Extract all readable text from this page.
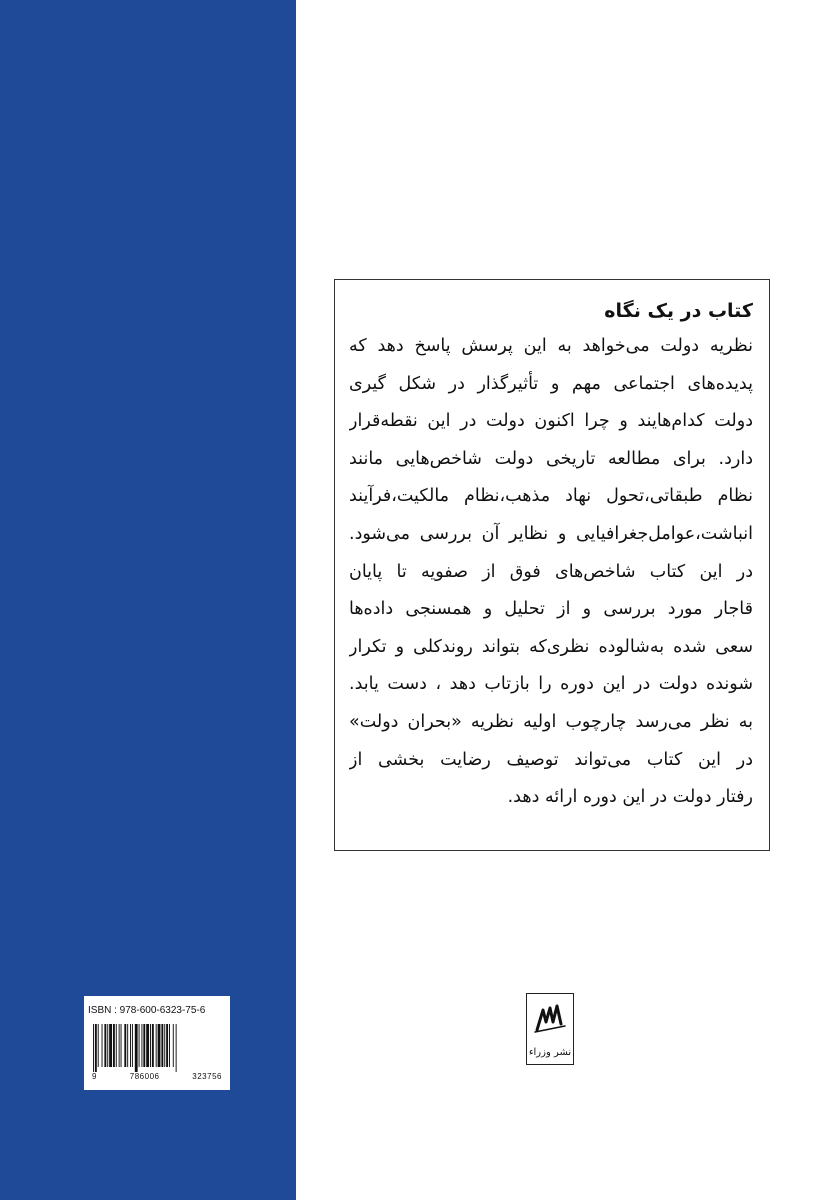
کتاب در یک نگاه
نظریه دولت می‌خواهد به این پرسش پاسخ دهد که
پدیده‌های اجتماعی مهم و تأثیرگذار در شکل گیری
دولت کدام‌هایند و چرا اکنون دولت در این نقطه‌قرار
دارد. برای مطالعه تاریخی دولت شاخص‌هایی مانند
نظام طبقاتی،تحول نهاد مذهب،نظام مالکیت،فرآیند
انباشت،عوامل‌جغرافیایی و نظایر آن بررسی می‌شود.
در این کتاب شاخص‌های فوق از صفویه تا پایان
قاجار مورد بررسی و از تحلیل و همسنجی داده‌ها
سعی شده به‌شالوده نظری‌که بتواند روندکلی و تکرار
شونده دولت در این دوره را بازتاب دهد ، دست یابد.
به نظر می‌رسد چارچوب اولیه نظریه «بحران دولت»
در این کتاب می‌تواند توصیف رضایت بخشی از
رفتار دولت در این دوره ارائه دهد.
ISBN : 978-600-6323-75-6
9	786006	323756
نشر وزراء
